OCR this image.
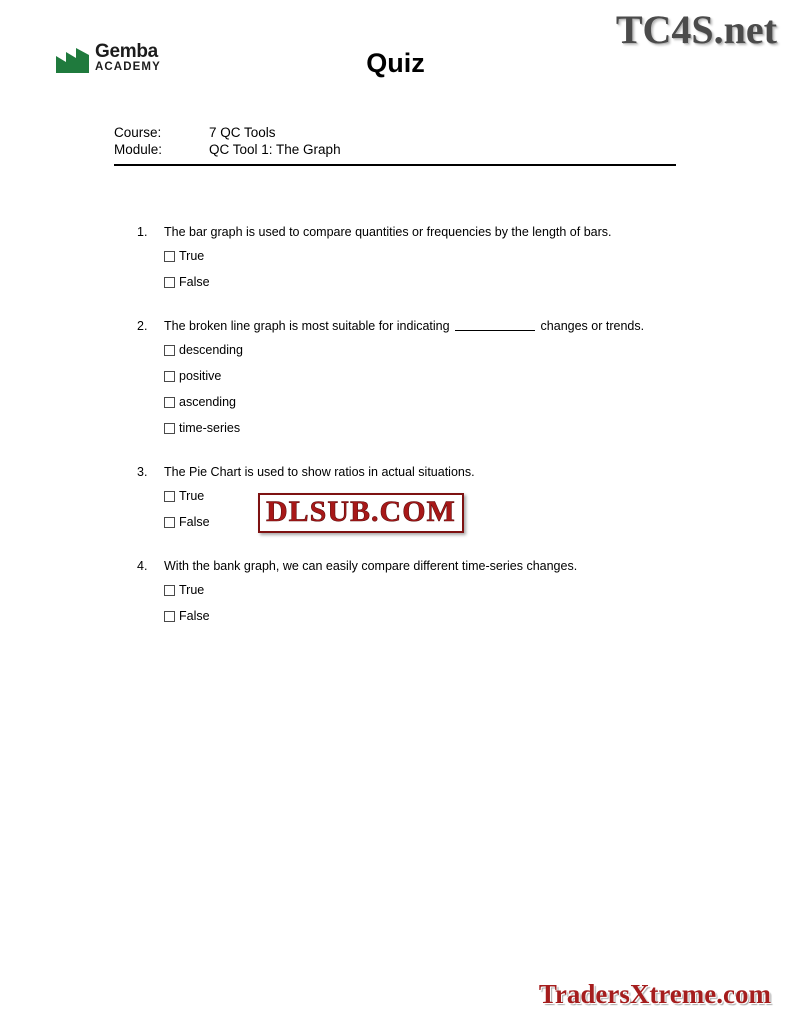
TC4S.net
Gemba
ACADEMY	Quiz
Course:	7 QC Tools
Module:	QC Tool 1: The Graph
1.	The bar graph is used to compare quantities or frequencies by the length of bars.
True
False
2.	The broken line graph is most suitable for indicating	changes or trends.
descending
positive
ascending
time-series
3.	The Pie Chart is used to show ratios in actual situations.
True
False
4.	With the bank graph, we can easily compare different time-series changes.
True
False
DLSUB.COM
TradersXtreme.com
